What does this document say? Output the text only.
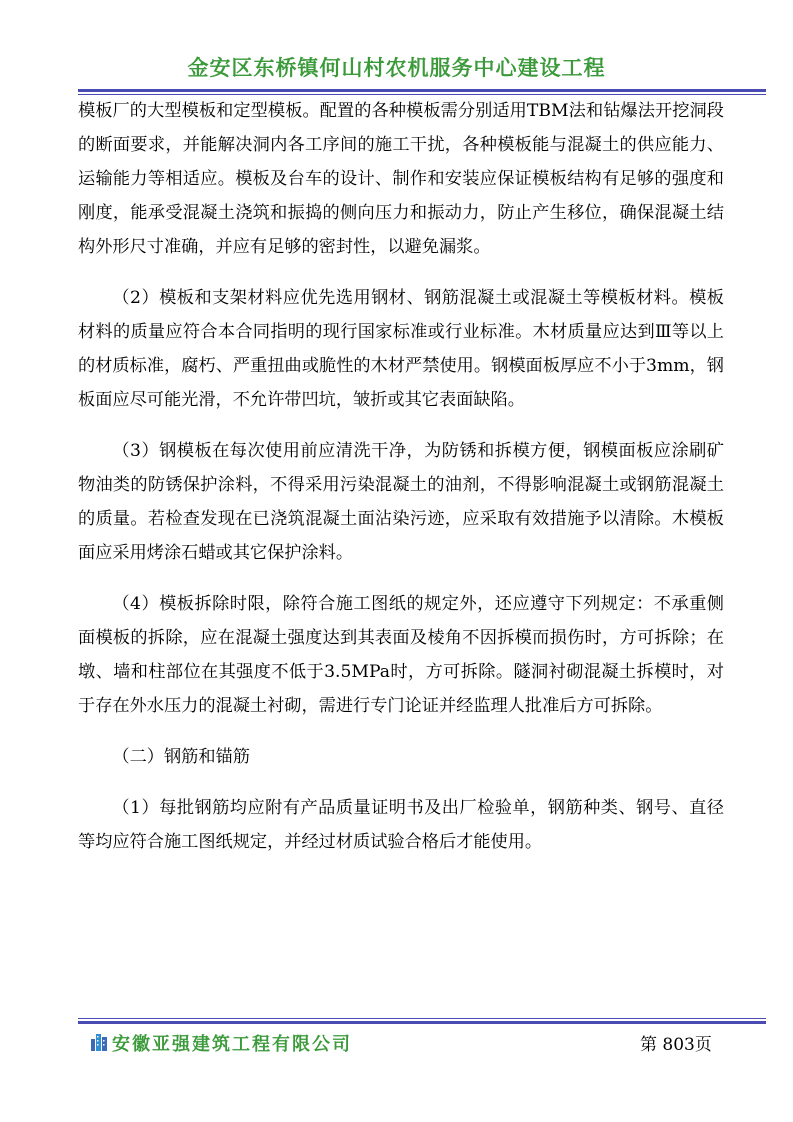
金安区东桥镇何山村农机服务中心建设工程

模板厂的大型模板和定型模板。配置的各种模板需分别适用TBM法和钻爆法开挖洞段的断面要求，并能解决洞内各工序间的施工干扰，各种模板能与混凝土的供应能力、运输能力等相适应。模板及台车的设计、制作和安装应保证模板结构有足够的强度和刚度，能承受混凝土浇筑和振捣的侧向压力和振动力，防止产生移位，确保混凝土结构外形尺寸准确，并应有足够的密封性，以避免漏浆。

（2）模板和支架材料应优先选用钢材、钢筋混凝土或混凝土等模板材料。模板材料的质量应符合本合同指明的现行国家标准或行业标准。木材质量应达到Ⅲ等以上的材质标准，腐朽、严重扭曲或脆性的木材严禁使用。钢模面板厚应不小于3mm，钢板面应尽可能光滑，不允许带凹坑，皱折或其它表面缺陷。

（3）钢模板在每次使用前应清洗干净，为防锈和拆模方便，钢模面板应涂刷矿物油类的防锈保护涂料，不得采用污染混凝土的油剂，不得影响混凝土或钢筋混凝土的质量。若检查发现在已浇筑混凝土面沾染污迹，应采取有效措施予以清除。木模板面应采用烤涂石蜡或其它保护涂料。

（4）模板拆除时限，除符合施工图纸的规定外，还应遵守下列规定：不承重侧面模板的拆除，应在混凝土强度达到其表面及棱角不因拆模而损伤时，方可拆除；在墩、墙和柱部位在其强度不低于3.5MPa时，方可拆除。隧洞衬砌混凝土拆模时，对于存在外水压力的混凝土衬砌，需进行专门论证并经监理人批准后方可拆除。

（二）钢筋和锚筋

（1）每批钢筋均应附有产品质量证明书及出厂检验单，钢筋种类、钢号、直径等均应符合施工图纸规定，并经过材质试验合格后才能使用。

安徽亚强建筑工程有限公司	第 803页
